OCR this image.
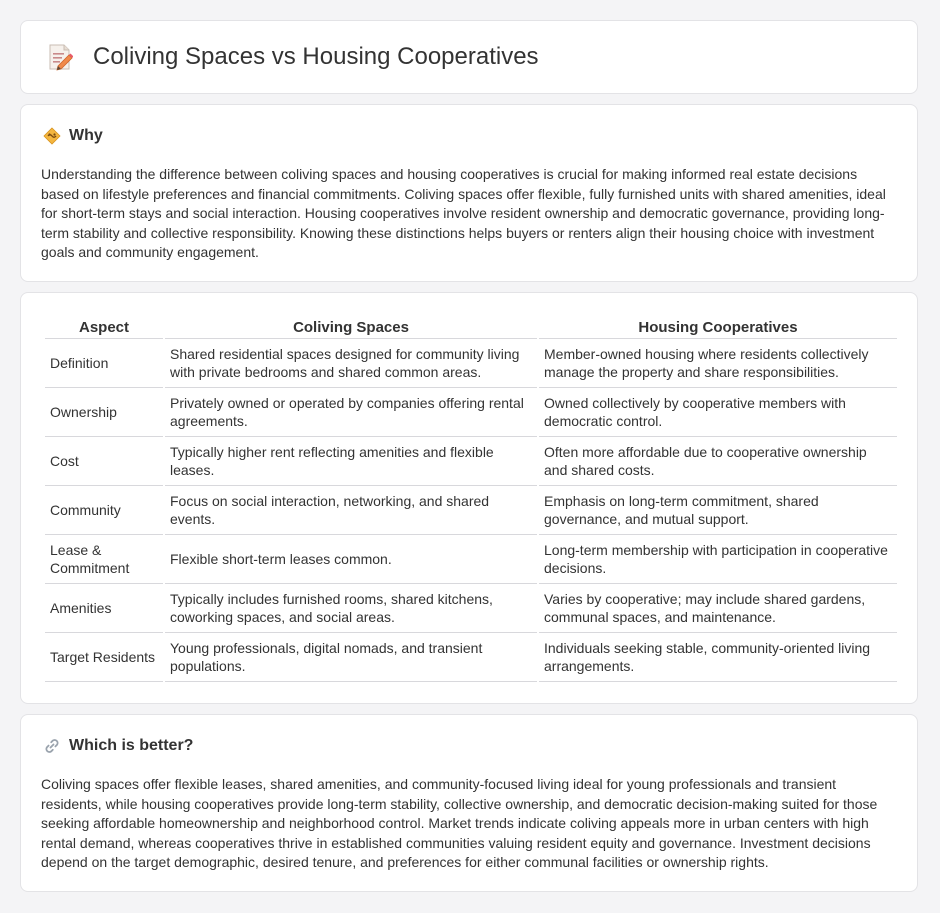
Coliving Spaces vs Housing Cooperatives
Why

Understanding the difference between coliving spaces and housing cooperatives is crucial for making informed real estate decisions based on lifestyle preferences and financial commitments. Coliving spaces offer flexible, fully furnished units with shared amenities, ideal for short-term stays and social interaction. Housing cooperatives involve resident ownership and democratic governance, providing long-term stability and collective responsibility. Knowing these distinctions helps buyers or renters align their housing choice with investment goals and community engagement.

Aspect	Coliving Spaces	Housing Cooperatives
Definition	Shared residential spaces designed for community living with private bedrooms and shared common areas.	Member-owned housing where residents collectively manage the property and share responsibilities.
Ownership	Privately owned or operated by companies offering rental agreements.	Owned collectively by cooperative members with democratic control.
Cost	Typically higher rent reflecting amenities and flexible leases.	Often more affordable due to cooperative ownership and shared costs.
Community	Focus on social interaction, networking, and shared events.	Emphasis on long-term commitment, shared governance, and mutual support.
Lease & Commitment	Flexible short-term leases common.	Long-term membership with participation in cooperative decisions.
Amenities	Typically includes furnished rooms, shared kitchens, coworking spaces, and social areas.	Varies by cooperative; may include shared gardens, communal spaces, and maintenance.
Target Residents	Young professionals, digital nomads, and transient populations.	Individuals seeking stable, community-oriented living arrangements.
Which is better?

Coliving spaces offer flexible leases, shared amenities, and community-focused living ideal for young professionals and transient residents, while housing cooperatives provide long-term stability, collective ownership, and democratic decision-making suited for those seeking affordable homeownership and neighborhood control. Market trends indicate coliving appeals more in urban centers with high rental demand, whereas cooperatives thrive in established communities valuing resident equity and governance. Investment decisions depend on the target demographic, desired tenure, and preferences for either communal facilities or ownership rights.
